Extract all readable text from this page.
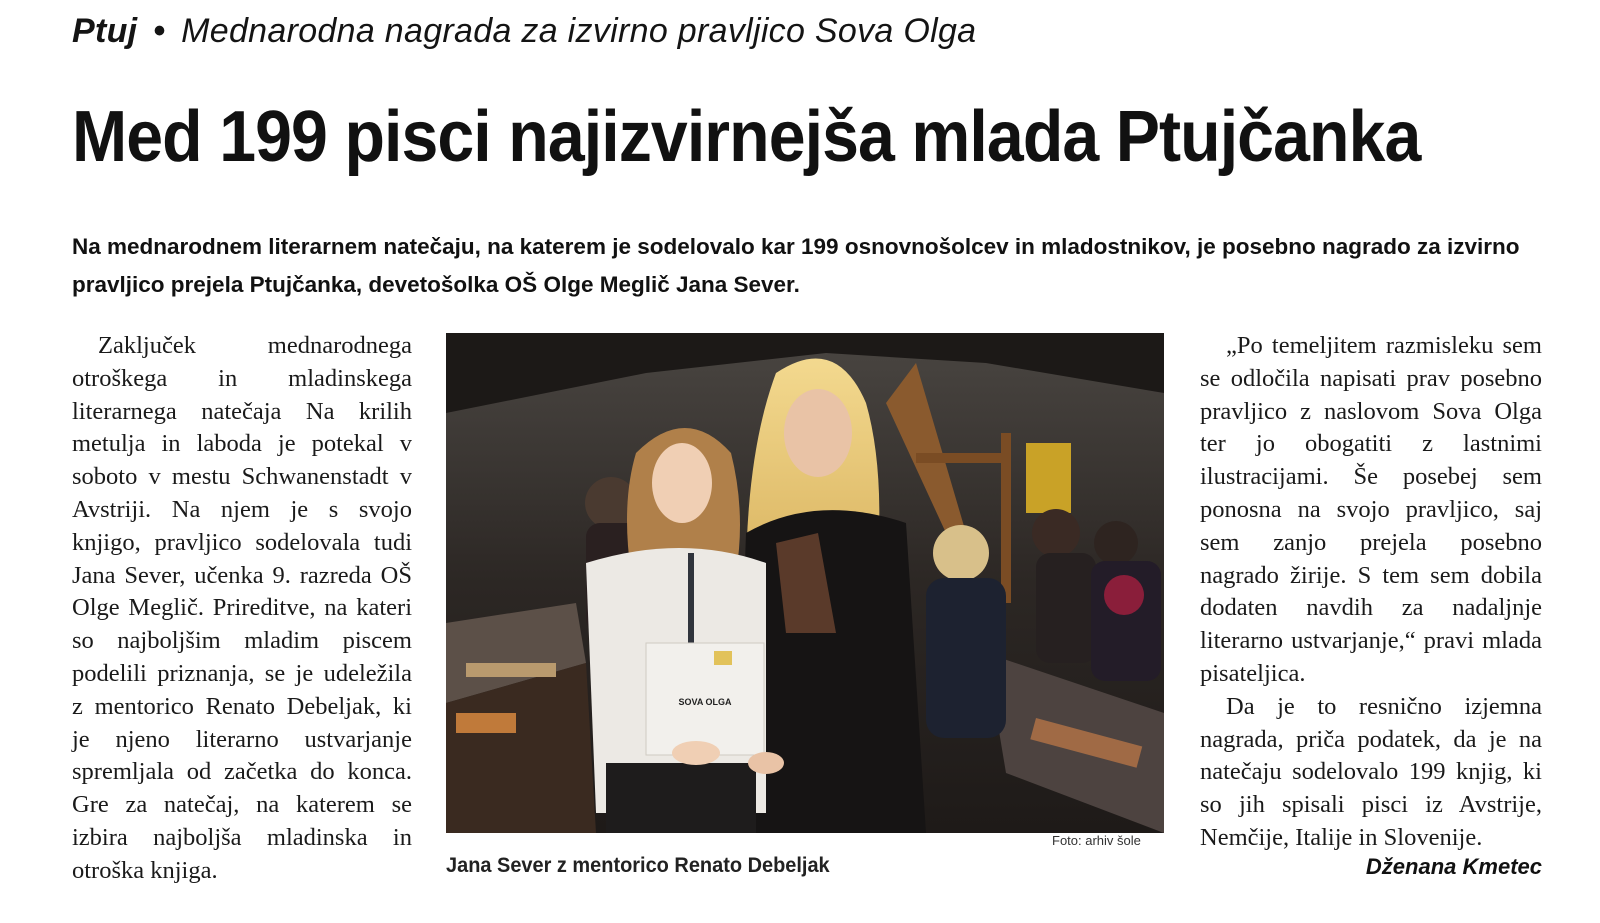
Ptuj • Mednarodna nagrada za izvirno pravljico Sova Olga
Med 199 pisci najizvirnejša mlada Ptujčanka
Na mednarodnem literarnem natečaju, na katerem je sodelovalo kar 199 osnovnošolcev in mladostnikov, je posebno nagrado za izvirno pravljico prejela Ptujčanka, devetošolka OŠ Olge Meglič Jana Sever.

Zaključek mednarodnega otroškega in mladinskega literarnega natečaja Na krilih metulja in laboda je potekal v soboto v mestu Schwanenstadt v Avstriji. Na njem je s svojo knjigo, pravljico sodelovala tudi Jana Sever, učenka 9. razreda OŠ Olge Meglič. Prireditve, na kateri so najboljšim mladim piscem podelili priznanja, se je udeležila z mentorico Renato Debeljak, ki je njeno literarno ustvarjanje spremljala od začetka do konca. Gre za natečaj, na katerem se izbira najboljša mladinska in otroška knjiga.

SOVA OLGA
Foto: arhiv šole
Jana Sever z mentorico Renato Debeljak

„Po temeljitem razmisleku sem se odločila napisati prav posebno pravljico z naslovom Sova Olga ter jo obogatiti z lastnimi ilustracijami. Še posebej sem ponosna na svojo pravljico, saj sem zanjo prejela posebno nagrado žirije. S tem sem dobila dodaten navdih za nadaljnje literarno ustvarjanje,“ pravi mlada pisateljica.

Da je to resnično izjemna nagrada, priča podatek, da je na natečaju sodelovalo 199 knjig, ki so jih spisali pisci iz Avstrije, Nemčije, Italije in Slovenije.

Dženana Kmetec
